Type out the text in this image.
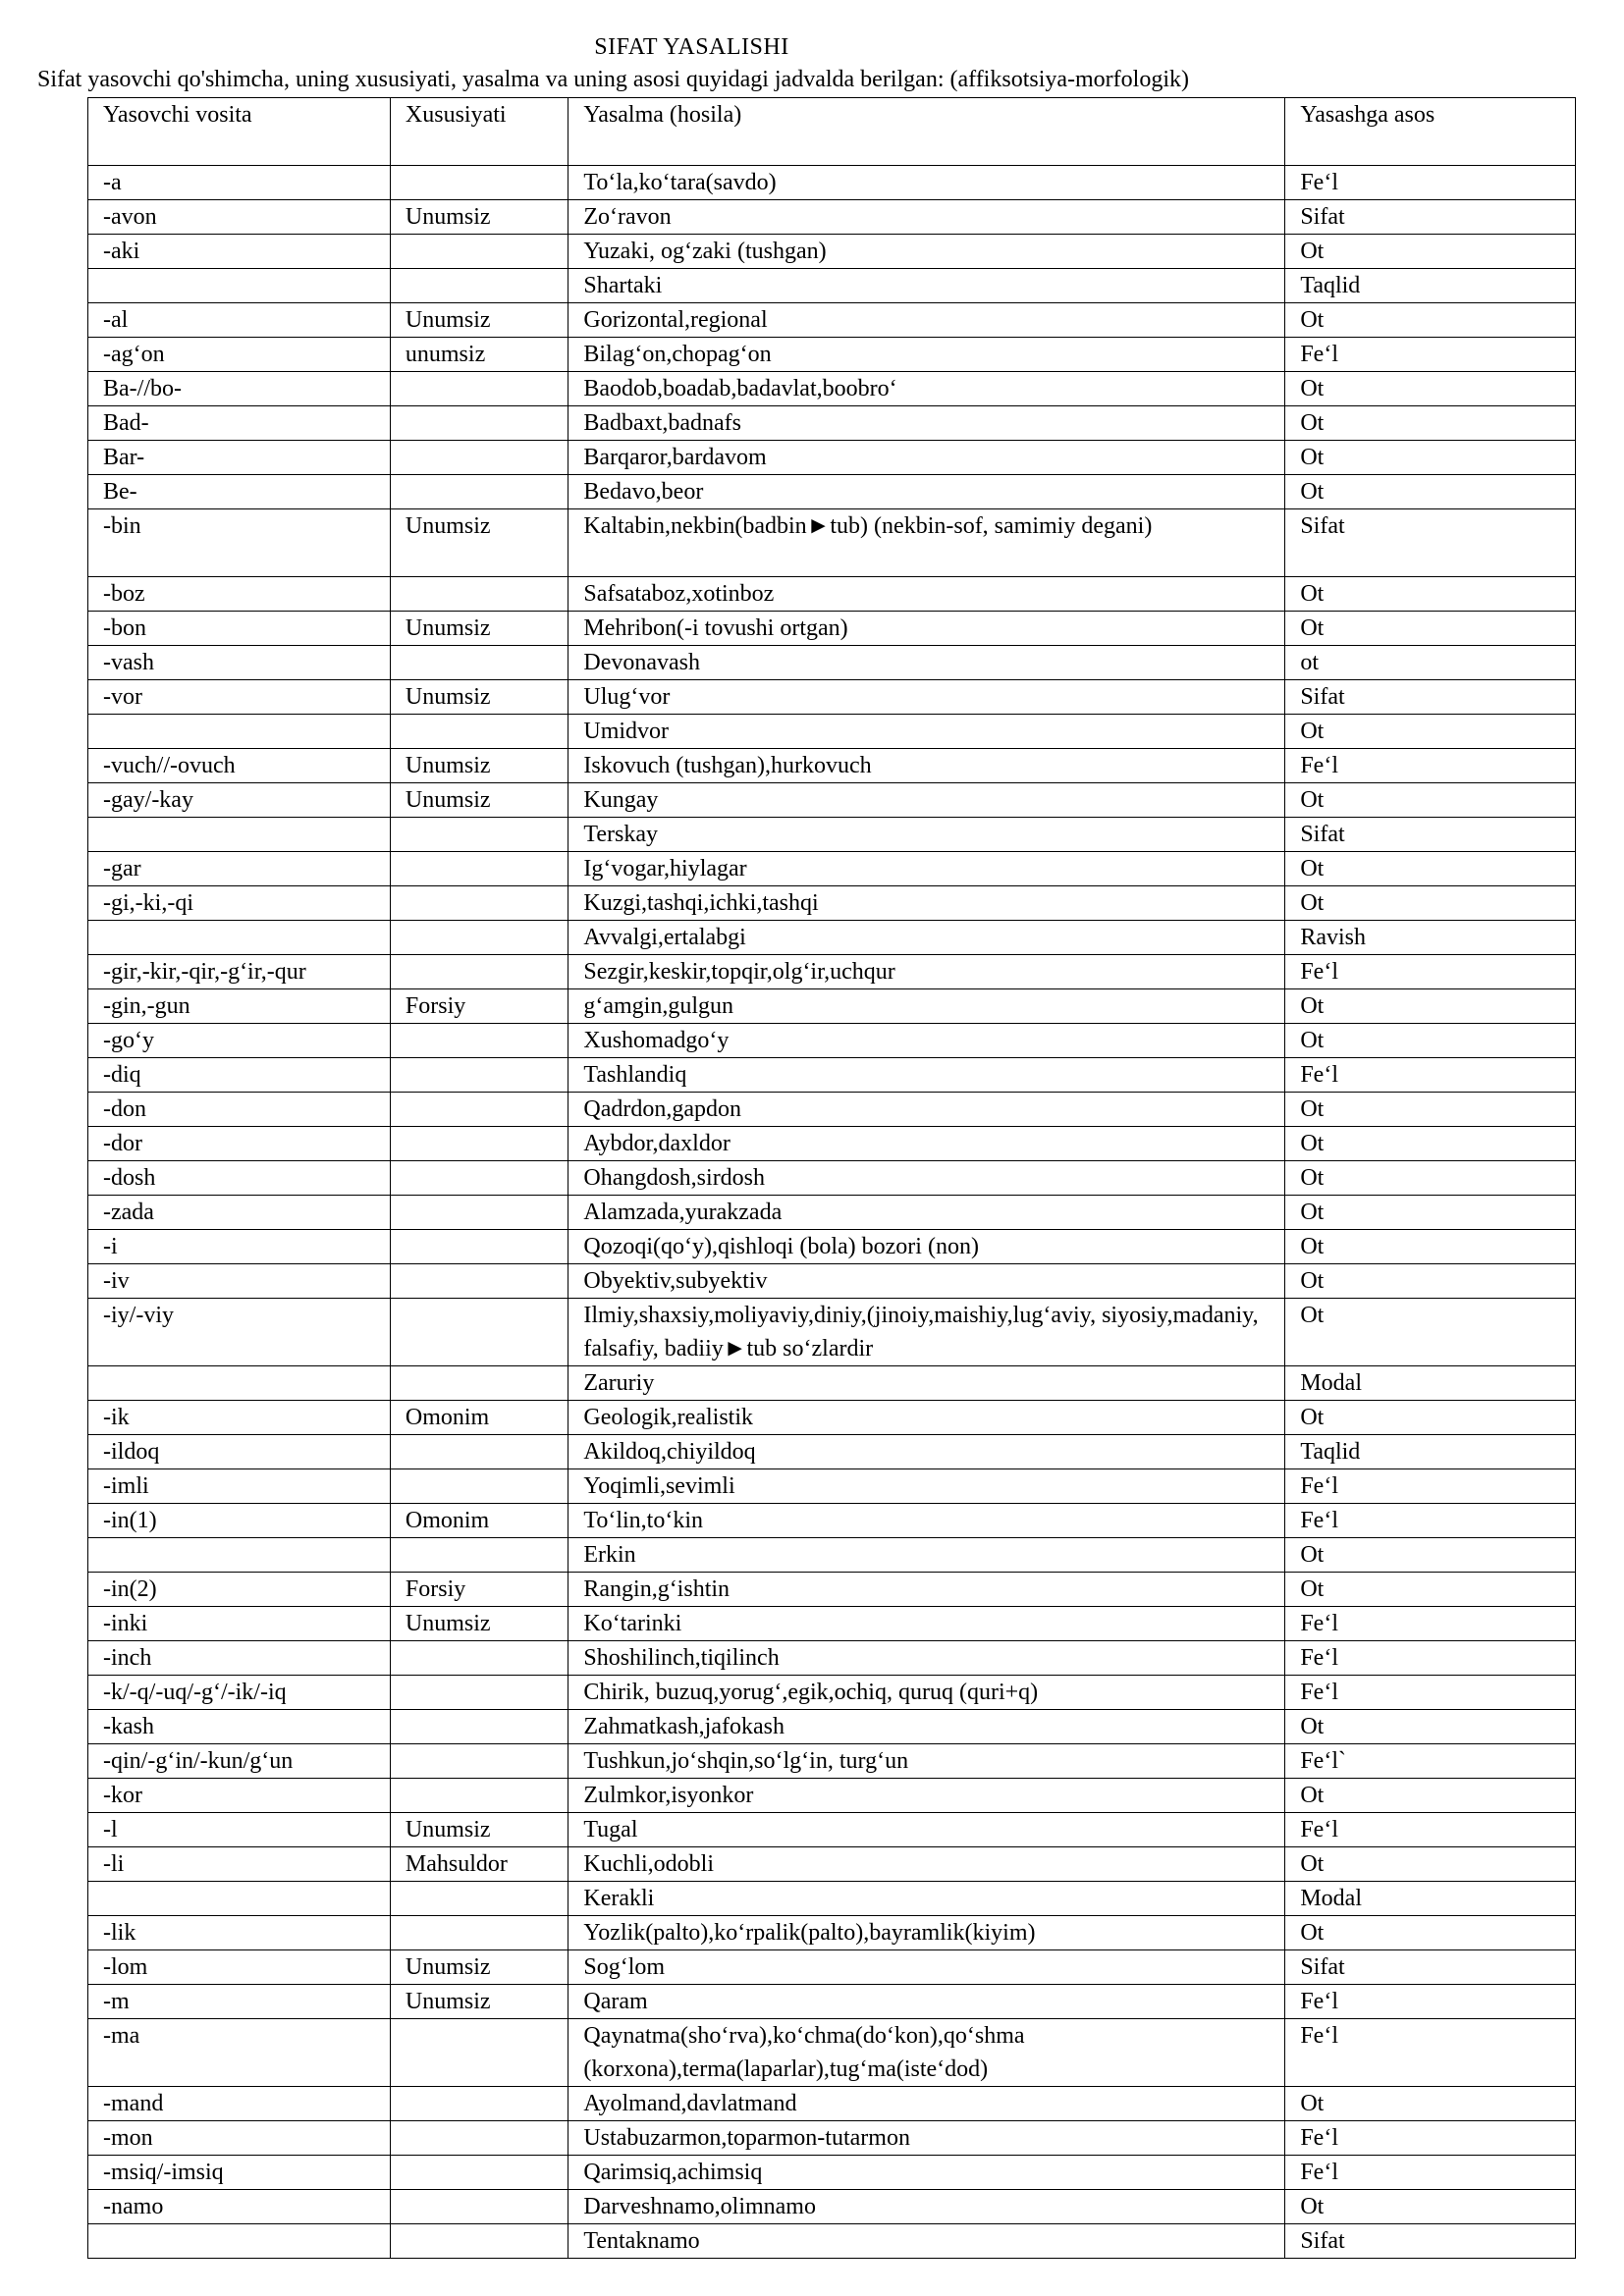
SIFAT YASALISHI
Sifat yasovchi qo'shimcha, uning xususiyati, yasalma va uning asosi quyidagi jadvalda berilgan: (affiksotsiya-morfologik)
Yasovchi vosita	Xususiyati	Yasalma (hosila)	Yasashga asos
-a		To‘la,ko‘tara(savdo)	Fe‘l
-avon	Unumsiz	Zo‘ravon	Sifat
-aki		Yuzaki, og‘zaki (tushgan)	Ot
		Shartaki	Taqlid
-al	Unumsiz	Gorizontal,regional	Ot
-ag‘on	unumsiz	Bilag‘on,chopag‘on	Fe‘l
Ba-//bo-		Baodob,boadab,badavlat,boobro‘	Ot
Bad-		Badbaxt,badnafs	Ot
Bar-		Barqaror,bardavom	Ot
Be-		Bedavo,beor	Ot
-bin	Unumsiz	Kaltabin,nekbin(badbin►tub) (nekbin-sof, samimiy degani)	Sifat
-boz		Safsataboz,xotinboz	Ot
-bon	Unumsiz	Mehribon(-i tovushi ortgan)	Ot
-vash		Devonavash	ot
-vor	Unumsiz	Ulug‘vor	Sifat
		Umidvor	Ot
-vuch//-ovuch	Unumsiz	Iskovuch (tushgan),hurkovuch	Fe‘l
-gay/-kay	Unumsiz	Kungay	Ot
		Terskay	Sifat
-gar		Ig‘vogar,hiylagar	Ot
-gi,-ki,-qi		Kuzgi,tashqi,ichki,tashqi	Ot
		Avvalgi,ertalabgi	Ravish
-gir,-kir,-qir,-g‘ir,-qur		Sezgir,keskir,topqir,olg‘ir,uchqur	Fe‘l
-gin,-gun	Forsiy	g‘amgin,gulgun	Ot
-go‘y		Xushomadgo‘y	Ot
-diq		Tashlandiq	Fe‘l
-don		Qadrdon,gapdon	Ot
-dor		Aybdor,daxldor	Ot
-dosh		Ohangdosh,sirdosh	Ot
-zada		Alamzada,yurakzada	Ot
-i		Qozoqi(qo‘y),qishloqi (bola) bozori (non)	Ot
-iv		Obyektiv,subyektiv	Ot
-iy/-viy		Ilmiy,shaxsiy,moliyaviy,diniy,(jinoiy,maishiy,lug‘aviy, siyosiy,madaniy, falsafiy, badiiy►tub so‘zlardir	Ot
		Zaruriy	Modal
-ik	Omonim	Geologik,realistik	Ot
-ildoq		Akildoq,chiyildoq	Taqlid
-imli		Yoqimli,sevimli	Fe‘l
-in(1)	Omonim	To‘lin,to‘kin	Fe‘l
		Erkin	Ot
-in(2)	Forsiy	Rangin,g‘ishtin	Ot
-inki	Unumsiz	Ko‘tarinki	Fe‘l
-inch		Shoshilinch,tiqilinch	Fe‘l
-k/-q/-uq/-g‘/-ik/-iq		Chirik, buzuq,yorug‘,egik,ochiq, quruq (quri+q)	Fe‘l
-kash		Zahmatkash,jafokash	Ot
-qin/-g‘in/-kun/g‘un		Tushkun,jo‘shqin,so‘lg‘in, turg‘un	Fe‘l`
-kor		Zulmkor,isyonkor	Ot
-l	Unumsiz	Tugal	Fe‘l
-li	Mahsuldor	Kuchli,odobli	Ot
		Kerakli	Modal
-lik		Yozlik(palto),ko‘rpalik(palto),bayramlik(kiyim)	Ot
-lom	Unumsiz	Sog‘lom	Sifat
-m	Unumsiz	Qaram	Fe‘l
-ma		Qaynatma(sho‘rva),ko‘chma(do‘kon),qo‘shma (korxona),terma(laparlar),tug‘ma(iste‘dod)	Fe‘l
-mand		Ayolmand,davlatmand	Ot
-mon		Ustabuzarmon,toparmon-tutarmon	Fe‘l
-msiq/-imsiq		Qarimsiq,achimsiq	Fe‘l
-namo		Darveshnamo,olimnamo	Ot
		Tentaknamo	Sifat
